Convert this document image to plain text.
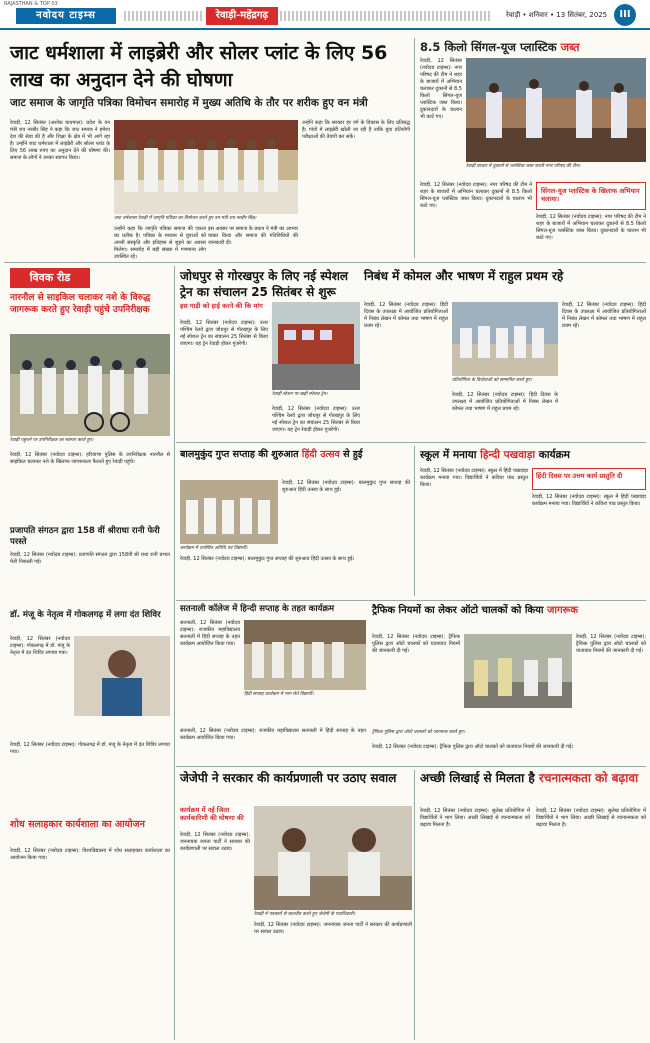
RAJASTHAN & TOP 03
नवोदय टाइम्स	रेवाड़ी-महेंद्रगढ़	रेवाड़ी • शनिवार • 13 सितंबर, 2025	III
जाट धर्मशाला में लाइब्रेरी और सोलर प्लांट के लिए 56 लाख का अनुदान देने की घोषणा
जाट समाज के जागृति पत्रिका विमोचन समारोह में मुख्य अतिथि के तौर पर शरीक हुए वन मंत्री
रेवाड़ी, 12 सितंबर (अशोक कथमाल): प्रदेश के वन मंत्री राव नरबीर सिंह ने कहा कि जाट समाज ने हमेशा देश की सेवा की है और शिक्षा के क्षेत्र में भी आगे रहा है। उन्होंने जाट धर्मशाला में लाइब्रेरी और सोलर प्लांट के लिए 56 लाख रुपए का अनुदान देने की घोषणा की। समाज के लोगों ने उनका स्वागत किया।
जाट धर्मशाला रेवाड़ी में जागृति पत्रिका का विमोचन करते हुए वन मंत्री राव नरबीर सिंह।
उन्होंने कहा कि जागृति पत्रिका समाज की एकता का प्रतीक है। पत्रिका के माध्यम से युवाओं को अपनी संस्कृति और इतिहास से जुड़ने का अवसर मिलेगा। समारोह में बड़ी संख्या में गणमान्य लोग उपस्थित रहे।
इस अवसर पर समाज के प्रधान ने मंत्री का आभार व्यक्त किया और समाज की गतिविधियों की जानकारी दी।
उन्होंने कहा कि सरकार हर वर्ग के विकास के लिए प्रतिबद्ध है। गांवों में लाइब्रेरी खोली जा रही हैं ताकि युवा प्रतियोगी परीक्षाओं की तैयारी कर सकें।
8.5 किलो सिंगल-यूज प्लास्टिक जब्त
रेवाड़ी, 12 सितंबर (नवोदय टाइम्स): नगर परिषद की टीम ने शहर के बाजारों में अभियान चलाकर दुकानों से 8.5 किलो सिंगल-यूज प्लास्टिक जब्त किया। दुकानदारों के चालान भी काटे गए।
रेवाड़ी बाजार में दुकानों से प्लास्टिक जब्त करती नगर परिषद की टीम।
रेवाड़ी, 12 सितंबर (नवोदय टाइम्स): नगर परिषद की टीम ने शहर के बाजारों में अभियान चलाकर दुकानों से 8.5 किलो सिंगल-यूज प्लास्टिक जब्त किया। दुकानदारों के चालान भी काटे गए।
सिंगल-यूज प्लास्टिक के खिलाफ अभियान चलाया।
रेवाड़ी, 12 सितंबर (नवोदय टाइम्स): नगर परिषद की टीम ने शहर के बाजारों में अभियान चलाकर दुकानों से 8.5 किलो सिंगल-यूज प्लास्टिक जब्त किया। दुकानदारों के चालान भी काटे गए।
विवक रीड
नारनौल से साइकिल चलाकर नशे के विरुद्ध जागरूक करते हुए रेवाड़ी पहुंचे उपनिरीक्षक
रेवाड़ी पहुंचने पर उपनिरीक्षक का स्वागत करते हुए।
रेवाड़ी, 12 सितंबर (नवोदय टाइम्स): हरियाणा पुलिस के उपनिरीक्षक नारनौल से साइकिल चलाकर नशे के खिलाफ जागरूकता फैलाते हुए रेवाड़ी पहुंचे।
प्रजापति संगठन द्वारा 158 वीं श्रीराधा रानी फेरी परस्ते
रेवाड़ी, 12 सितंबर (नवोदय टाइम्स): प्रजापति संगठन द्वारा 158वीं श्री राधा रानी प्रभात फेरी निकाली गई।
डॉ. मंजू के नेतृत्व में गोकलगढ़ में लगा दंत शिविर
रेवाड़ी, 12 सितंबर (नवोदय टाइम्स): गोकलगढ़ में डॉ. मंजू के नेतृत्व में दंत शिविर लगाया गया।
रेवाड़ी, 12 सितंबर (नवोदय टाइम्स): गोकलगढ़ में डॉ. मंजू के नेतृत्व में दंत शिविर लगाया गया।
शोध सलाहकार कार्यशाला का आयोजन
रेवाड़ी, 12 सितंबर (नवोदय टाइम्स): विश्वविद्यालय में शोध सलाहकार कार्यशाला का आयोजन किया गया।
जोधपुर से गोरखपुर के लिए नई स्पेशल ट्रेन का संचालन 25 सितंबर से शुरू
इस गाड़ी को हाई करने की कि मांग
रेवाड़ी, 12 सितंबर (नवोदय टाइम्स): उत्तर पश्चिम रेलवे द्वारा जोधपुर से गोरखपुर के लिए नई स्पेशल ट्रेन का संचालन 25 सितंबर से किया जाएगा। यह ट्रेन रेवाड़ी होकर गुजरेगी।
रेवाड़ी स्टेशन पर खड़ी स्पेशल ट्रेन।
रेवाड़ी, 12 सितंबर (नवोदय टाइम्स): उत्तर पश्चिम रेलवे द्वारा जोधपुर से गोरखपुर के लिए नई स्पेशल ट्रेन का संचालन 25 सितंबर से किया जाएगा। यह ट्रेन रेवाड़ी होकर गुजरेगी।
निबंध में कोमल और भाषण में राहुल प्रथम रहे
रेवाड़ी, 12 सितंबर (नवोदय टाइम्स): हिंदी दिवस के उपलक्ष्य में आयोजित प्रतियोगिताओं में निबंध लेखन में कोमल तथा भाषण में राहुल प्रथम रहे।
प्रतियोगिता के विजेताओं को सम्मानित करते हुए।
रेवाड़ी, 12 सितंबर (नवोदय टाइम्स): हिंदी दिवस के उपलक्ष्य में आयोजित प्रतियोगिताओं में निबंध लेखन में कोमल तथा भाषण में राहुल प्रथम रहे।
रेवाड़ी, 12 सितंबर (नवोदय टाइम्स): हिंदी दिवस के उपलक्ष्य में आयोजित प्रतियोगिताओं में निबंध लेखन में कोमल तथा भाषण में राहुल प्रथम रहे।
बालमुकुंद गुप्त सप्ताह की शुरुआत हिंदी उत्सव से हुई
रेवाड़ी, 12 सितंबर (नवोदय टाइम्स): बालमुकुंद गुप्त सप्ताह की शुरुआत हिंदी उत्सव के साथ हुई।
कार्यक्रम में उपस्थित अतिथि एवं विद्यार्थी।
रेवाड़ी, 12 सितंबर (नवोदय टाइम्स): बालमुकुंद गुप्त सप्ताह की शुरुआत हिंदी उत्सव के साथ हुई।
स्कूल में मनाया हिन्दी पखवाड़ा कार्यक्रम
रेवाड़ी, 12 सितंबर (नवोदय टाइम्स): स्कूल में हिंदी पखवाड़ा कार्यक्रम मनाया गया। विद्यार्थियों ने कविता पाठ प्रस्तुत किया।
हिंदी दिवस पर उत्तम कार्य प्रस्तुति दी
रेवाड़ी, 12 सितंबर (नवोदय टाइम्स): स्कूल में हिंदी पखवाड़ा कार्यक्रम मनाया गया। विद्यार्थियों ने कविता पाठ प्रस्तुत किया।
सतनाली कॉलेज में हिन्दी सप्ताह के तहत कार्यक्रम
सतनाली, 12 सितंबर (नवोदय टाइम्स): राजकीय महाविद्यालय सतनाली में हिंदी सप्ताह के तहत कार्यक्रम आयोजित किया गया।
हिंदी सप्ताह कार्यक्रम में भाग लेते विद्यार्थी।
सतनाली, 12 सितंबर (नवोदय टाइम्स): राजकीय महाविद्यालय सतनाली में हिंदी सप्ताह के तहत कार्यक्रम आयोजित किया गया।
ट्रैफिक नियमों का लेकर ऑटो चालकों को किया जागरूक
रेवाड़ी, 12 सितंबर (नवोदय टाइम्स): ट्रैफिक पुलिस द्वारा ऑटो चालकों को यातायात नियमों की जानकारी दी गई।
ट्रैफिक पुलिस द्वारा ऑटो चालकों को जागरूक करते हुए।
रेवाड़ी, 12 सितंबर (नवोदय टाइम्स): ट्रैफिक पुलिस द्वारा ऑटो चालकों को यातायात नियमों की जानकारी दी गई।
रेवाड़ी, 12 सितंबर (नवोदय टाइम्स): ट्रैफिक पुलिस द्वारा ऑटो चालकों को यातायात नियमों की जानकारी दी गई।
जेजेपी ने सरकार की कार्यप्रणाली पर उठाए सवाल
कार्यक्रम में नई जिला कार्यकारिणी की घोषणा की
रेवाड़ी, 12 सितंबर (नवोदय टाइम्स): जननायक जनता पार्टी ने सरकार की कार्यप्रणाली पर सवाल उठाए।
रेवाड़ी में पत्रकारों से बातचीत करते हुए जेजेपी के पदाधिकारी।
रेवाड़ी, 12 सितंबर (नवोदय टाइम्स): जननायक जनता पार्टी ने सरकार की कार्यप्रणाली पर सवाल उठाए।
अच्छी लिखाई से मिलता है रचनात्मकता को बढ़ावा
रेवाड़ी, 12 सितंबर (नवोदय टाइम्स): सुलेख प्रतियोगिता में विद्यार्थियों ने भाग लिया। अच्छी लिखाई से रचनात्मकता को बढ़ावा मिलता है।
रेवाड़ी, 12 सितंबर (नवोदय टाइम्स): सुलेख प्रतियोगिता में विद्यार्थियों ने भाग लिया। अच्छी लिखाई से रचनात्मकता को बढ़ावा मिलता है।
